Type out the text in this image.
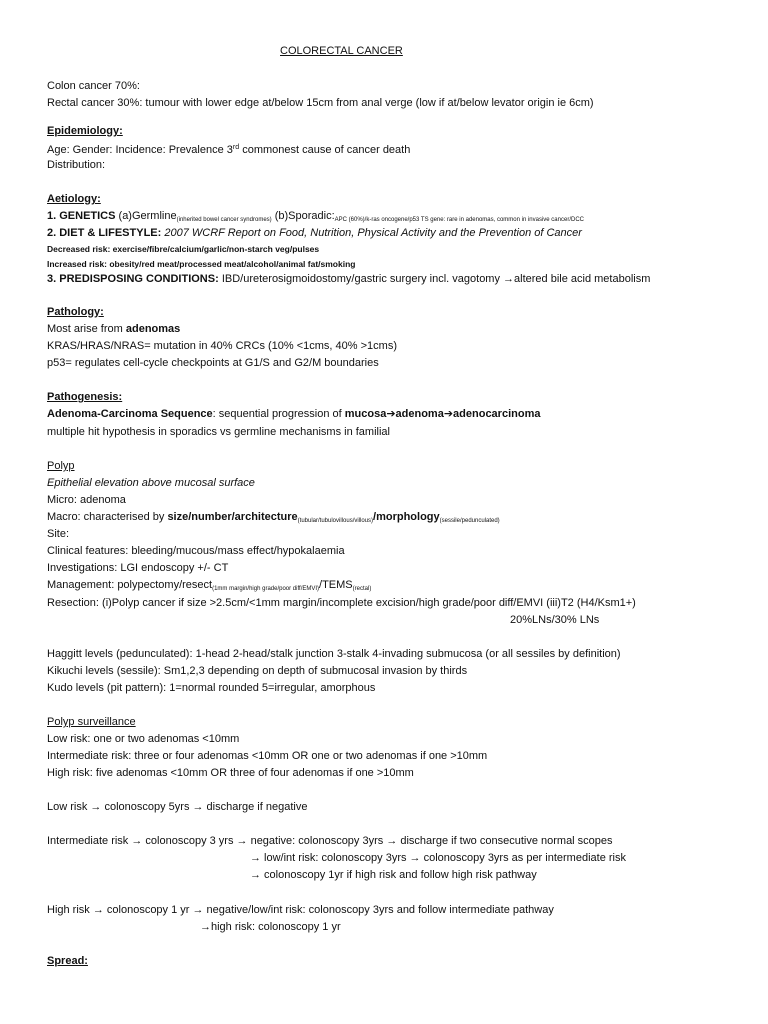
COLORECTAL CANCER
Colon cancer 70%:
Rectal cancer 30%: tumour with lower edge at/below 15cm from anal verge (low if at/below levator origin ie 6cm)
Epidemiology:
Age: Gender: Incidence: Prevalence 3rd commonest cause of cancer death
Distribution:
Aetiology:
1. GENETICS (a)Germline$_{(inherited bowel cancer syndromes)}$ $(b)Sporadic:_{APC (60\%)/k-ras oncogene/p53 TS gene: rare in adenomas, common in invasive cancer/DCC}$
2. DIET & LIFESTYLE: 2007 WCRF Report on Food, Nutrition, Physical Activity and the Prevention of Cancer
Decreased risk: exercise/fibre/calcium/garlic/non-starch veg/pulses
Increased risk: obesity/red meat/processed meat/alcohol/animal fat/smoking
3. PREDISPOSING CONDITIONS: IBD/ureterosigmoidostomy/gastric surgery incl. vagotomy →altered bile acid metabolism
Pathology:
Most arise from adenomas
KRAS/HRAS/NRAS= mutation in 40% CRCs (10% <1cms, 40% >1cms)
p53= regulates cell-cycle checkpoints at G1/S and G2/M boundaries
Pathogenesis:
Adenoma-Carcinoma Sequence: sequential progression of mucosa➔adenoma➔adenocarcinoma
multiple hit hypothesis in sporadics vs germline mechanisms in familial
Polyp
Epithelial elevation above mucosal surface
Micro: adenoma
Macro: characterised by size/number/architecture$_{(tubular/tubulovillous/villous)}$/morphology$_{(sessile/pedunculated)}$
Site:
Clinical features: bleeding/mucous/mass effect/hypokalaemia
Investigations: LGI endoscopy +/- CT
Management: polypectomy/$resect_{(1mm margin/high grade/poor diff/EMVI)}/TEMS_{(rectal)}$
Resection: (i)Polyp cancer if size >2.5cm/<1mm margin/incomplete excision/high grade/poor diff/EMVI (iii)T2 (H4/Ksm1+)
20%LNs/30% LNs
Haggitt levels (pedunculated): 1-head 2-head/stalk junction 3-stalk 4-invading submucosa (or all sessiles by definition)
Kikuchi levels (sessile): Sm1,2,3 depending on depth of submucosal invasion by thirds
Kudo levels (pit pattern): 1=normal rounded 5=irregular, amorphous
Polyp surveillance
Low risk: one or two adenomas <10mm
Intermediate risk: three or four adenomas <10mm OR one or two adenomas if one >10mm
High risk: five adenomas <10mm OR three of four adenomas if one >10mm
Low risk → colonoscopy 5yrs → discharge if negative
Intermediate risk → colonoscopy 3 yrs → negative: colonoscopy 3yrs → discharge if two consecutive normal scopes
→ low/int risk: colonoscopy 3yrs → colonoscopy 3yrs as per intermediate risk
→ colonoscopy 1yr if high risk and follow high risk pathway
High risk → colonoscopy 1 yr → negative/low/int risk: colonoscopy 3yrs and follow intermediate pathway
→high risk: colonoscopy 1 yr
Spread:
